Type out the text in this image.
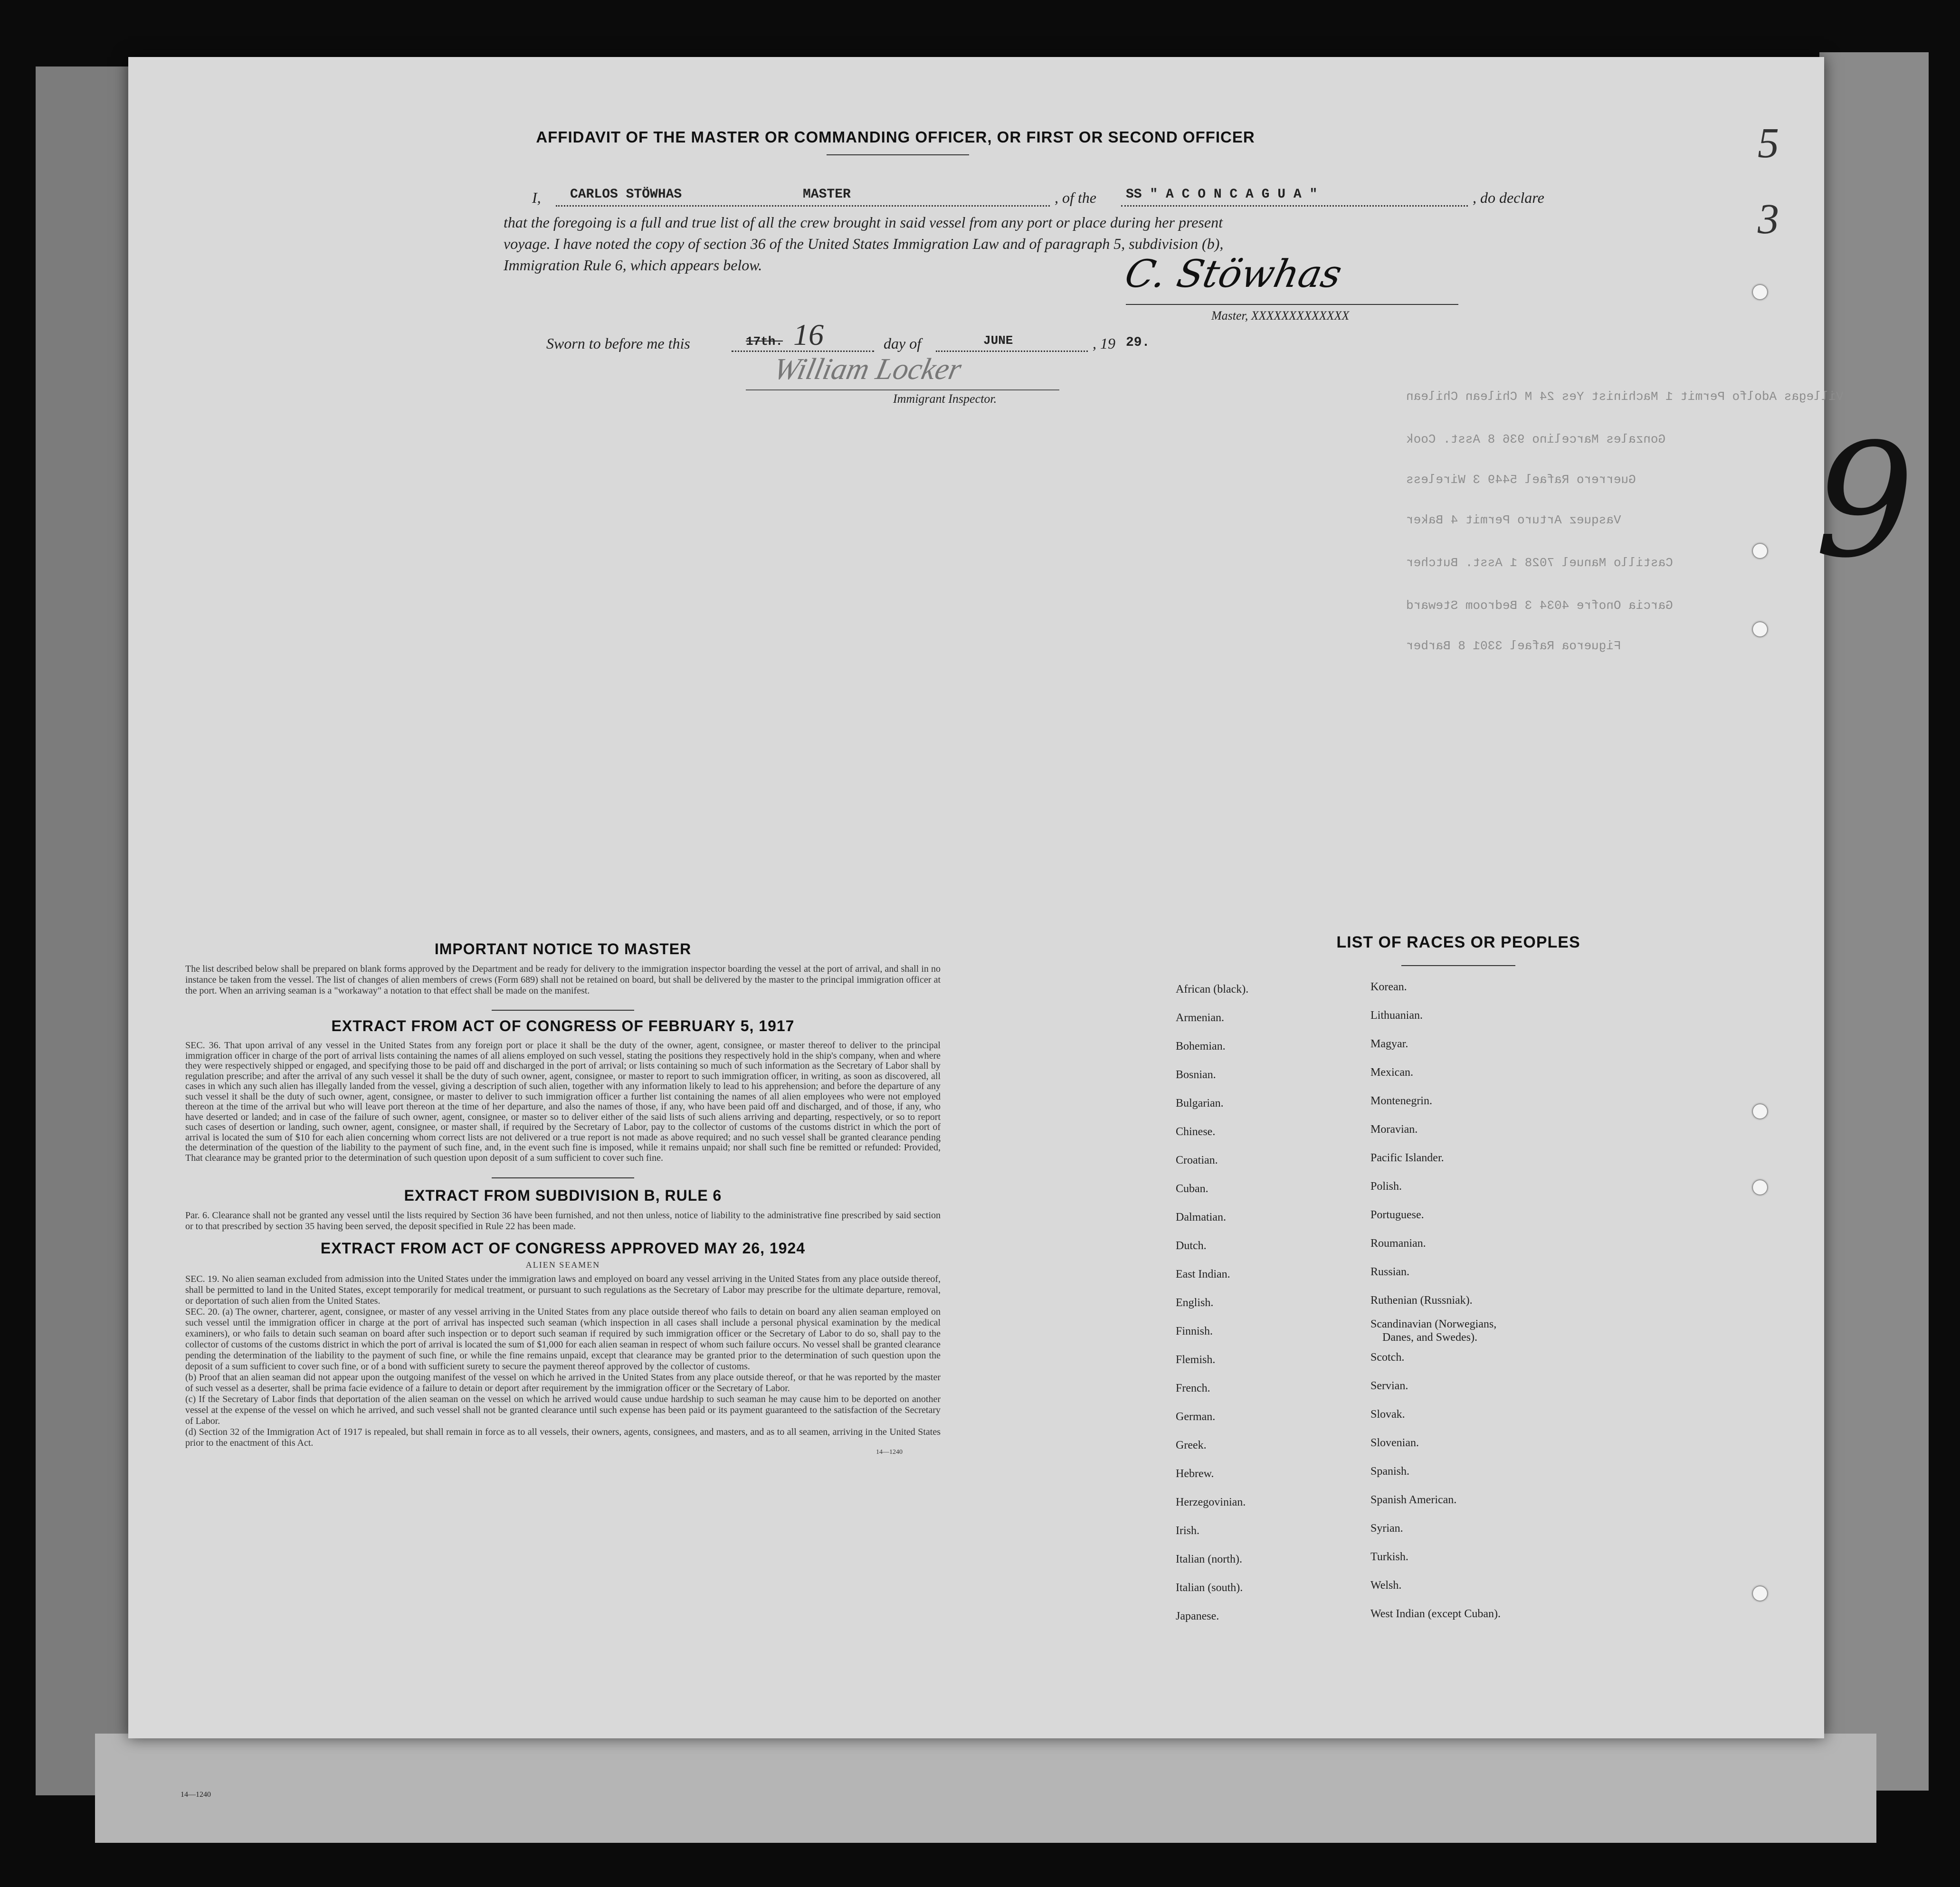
5
3
9
Villegas Adolfo Permit 1 Machinist Yes 24 M Chilean Chilean
Gonzales Marcelino 936 8 Asst. Cook
Guerrero Rafael 5449 3 Wireless
Vasquez Arturo Permit 4 Baker
Castillo Manuel 7028 1 Asst. Butcher
Garcia Onofre 4034 3 Bedroom Steward
Figueroa Rafael 3301 8 Barber
AFFIDAVIT OF THE MASTER OR COMMANDING OFFICER, OR FIRST OR SECOND OFFICER
I, CARLOS STÖWHAS	MASTER	, of the SS " A C O N C A G U A "	, do declare
that the foregoing is a full and true list of all the crew brought in said vessel from any port or place during her present
voyage. I have noted the copy of section 36 of the United States Immigration Law and of paragraph 5, subdivision (b),
Immigration Rule 6, which appears below.	C. Stöwhas
Master, XXXXXXXXXXXXX
Sworn to before me this	17th. 16	day of	JUNE	, 19 29.
William Locker
Immigrant Inspector.
IMPORTANT NOTICE TO MASTER
The list described below shall be prepared on blank forms approved by the Department and be ready for delivery to the immigration inspector boarding the vessel at the port of arrival, and shall in no instance be taken from the vessel. The list of changes of alien members of crews (Form 689) shall not be retained on board, but shall be delivered by the master to the principal immigration officer at the port. When an arriving seaman is a "workaway" a notation to that effect shall be made on the manifest.
EXTRACT FROM ACT OF CONGRESS OF FEBRUARY 5, 1917
SEC. 36. That upon arrival of any vessel in the United States from any foreign port or place it shall be the duty of the owner, agent, consignee, or master thereof to deliver to the principal immigration officer in charge of the port of arrival lists containing the names of all aliens employed on such vessel, stating the positions they respectively hold in the ship's company, when and where they were respectively shipped or engaged, and specifying those to be paid off and discharged in the port of arrival; or lists containing so much of such information as the Secretary of Labor shall by regulation prescribe; and after the arrival of any such vessel it shall be the duty of such owner, agent, consignee, or master to report to such immigration officer, in writing, as soon as discovered, all cases in which any such alien has illegally landed from the vessel, giving a description of such alien, together with any information likely to lead to his apprehension; and before the departure of any such vessel it shall be the duty of such owner, agent, consignee, or master to deliver to such immigration officer a further list containing the names of all alien employees who were not employed thereon at the time of the arrival but who will leave port thereon at the time of her departure, and also the names of those, if any, who have been paid off and discharged, and of those, if any, who have deserted or landed; and in case of the failure of such owner, agent, consignee, or master so to deliver either of the said lists of such aliens arriving and departing, respectively, or so to report such cases of desertion or landing, such owner, agent, consignee, or master shall, if required by the Secretary of Labor, pay to the collector of customs of the customs district in which the port of arrival is located the sum of $10 for each alien concerning whom correct lists are not delivered or a true report is not made as above required; and no such vessel shall be granted clearance pending the determination of the question of the liability to the payment of such fine, and, in the event such fine is imposed, while it remains unpaid; nor shall such fine be remitted or refunded: Provided, That clearance may be granted prior to the determination of such question upon deposit of a sum sufficient to cover such fine.
EXTRACT FROM SUBDIVISION B, RULE 6
Par. 6. Clearance shall not be granted any vessel until the lists required by Section 36 have been furnished, and not then unless, notice of liability to the administrative fine prescribed by said section or to that prescribed by section 35 having been served, the deposit specified in Rule 22 has been made.
EXTRACT FROM ACT OF CONGRESS APPROVED MAY 26, 1924
ALIEN SEAMEN
SEC. 19. No alien seaman excluded from admission into the United States under the immigration laws and employed on board any vessel arriving in the United States from any place outside thereof, shall be permitted to land in the United States, except temporarily for medical treatment, or pursuant to such regulations as the Secretary of Labor may prescribe for the ultimate departure, removal, or deportation of such alien from the United States.
SEC. 20. (a) The owner, charterer, agent, consignee, or master of any vessel arriving in the United States from any place outside thereof who fails to detain on board any alien seaman employed on such vessel until the immigration officer in charge at the port of arrival has inspected such seaman (which inspection in all cases shall include a personal physical examination by the medical examiners), or who fails to detain such seaman on board after such inspection or to deport such seaman if required by such immigration officer or the Secretary of Labor to do so, shall pay to the collector of customs of the customs district in which the port of arrival is located the sum of $1,000 for each alien seaman in respect of whom such failure occurs. No vessel shall be granted clearance pending the determination of the liability to the payment of such fine, or while the fine remains unpaid, except that clearance may be granted prior to the determination of such question upon the deposit of a sum sufficient to cover such fine, or of a bond with sufficient surety to secure the payment thereof approved by the collector of customs.
(b) Proof that an alien seaman did not appear upon the outgoing manifest of the vessel on which he arrived in the United States from any place outside thereof, or that he was reported by the master of such vessel as a deserter, shall be prima facie evidence of a failure to detain or deport after requirement by the immigration officer or the Secretary of Labor.
(c) If the Secretary of Labor finds that deportation of the alien seaman on the vessel on which he arrived would cause undue hardship to such seaman he may cause him to be deported on another vessel at the expense of the vessel on which he arrived, and such vessel shall not be granted clearance until such expense has been paid or its payment guaranteed to the satisfaction of the Secretary of Labor.
(d) Section 32 of the Immigration Act of 1917 is repealed, but shall remain in force as to all vessels, their owners, agents, consignees, and masters, and as to all seamen, arriving in the United States prior to the enactment of this Act.
14—1240
LIST OF RACES OR PEOPLES
African (black).
Armenian.
Bohemian.
Bosnian.
Bulgarian.
Chinese.
Croatian.
Cuban.
Dalmatian.
Dutch.
East Indian.
English.
Finnish.
Flemish.
French.
German.
Greek.
Hebrew.
Herzegovinian.
Irish.
Italian (north).
Italian (south).
Japanese.
Korean.
Lithuanian.
Magyar.
Mexican.
Montenegrin.
Moravian.
Pacific Islander.
Polish.
Portuguese.
Roumanian.
Russian.
Ruthenian (Russniak).
Scandinavian (Norwegians,
Danes, and Swedes).
Scotch.
Servian.
Slovak.
Slovenian.
Spanish.
Spanish American.
Syrian.
Turkish.
Welsh.
West Indian (except Cuban).
14—1240
